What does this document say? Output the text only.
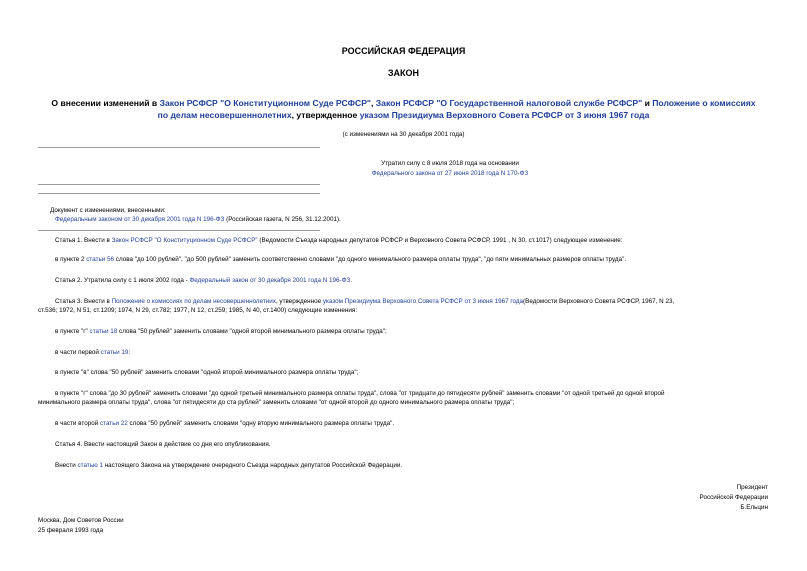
РОССИЙСКАЯ ФЕДЕРАЦИЯ
ЗАКОН
О внесении изменений в Закон РСФСР "О Конституционном Суде РСФСР", Закон РСФСР "О Государственной налоговой службе РСФСР" и Положение о комиссиях
по делам несовершеннолетних, утвержденное указом Президиума Верховного Совета РСФСР от 3 июня 1967 года
(с изменениями на 30 декабря 2001 года)
Утратил силу с 8 июля 2018 года на основании
Федерального закона от 27 июня 2018 года N 170-ФЗ
Документ с изменениями, внесенными:
Федеральным законом от 30 декабря 2001 года N 196-ФЗ (Российская газета, N 256, 31.12.2001).
Статья 1. Внести в Закон РСФСР "О Конституционном Суде РСФСР" (Ведомости Съезда народных депутатов РСФСР и Верховного Совета РСФСР, 1991 , N 30, ст.1017) следующее изменение:
в пункте 2 статьи 56 слова "до 100 рублей", "до 500 рублей" заменить соответственно словами "до одного минимального размера оплаты труда", "до пяти минимальных размеров оплаты труда".
Статья 2. Утратила силу с 1 июля 2002 года - Федеральный закон от 30 декабря 2001 года N 196-ФЗ.
Статья 3. Внести в Положение о комиссиях по делам несовершеннолетних, утвержденное указом Президиума Верховного Совета РСФСР от 3 июня 1967 года(Ведомости Верховного Совета РСФСР, 1967, N 23,
ст.536; 1972, N 51, ст.1209; 1974, N 29, ст.782; 1977, N 12, ст.259; 1985, N 40, ст.1400) следующие изменения:
в пункте "г" статьи 18 слова "50 рублей" заменить словами "одной второй минимального размера оплаты труда";
в части первой статьи 19:
в пункте "в" слова "50 рублей" заменить словами "одной второй минимального размера оплаты труда";
в пункте "г" слова "до 30 рублей" заменить словами "до одной третьей минимального размера оплаты труда", слова "от тридцати до пятидесяти рублей" заменить словами "от одной третьей до одной второй
минимального размера оплаты труда", слова "от пятидесяти до ста рублей" заменить словами "от одной второй до одного минимального размера оплаты труда";
в части второй статьи 22 слова "50 рублей" заменить словами "одну вторую минимального размера оплаты труда".
Статья 4. Ввести настоящий Закон в действие со дня его опубликования.
Внести статью 1 настоящего Закона на утверждение очередного Съезда народных депутатов Российской Федерации.
Президент
Российской Федерации
Б.Ельцин
Москва, Дом Советов России
25 февраля 1993 года
